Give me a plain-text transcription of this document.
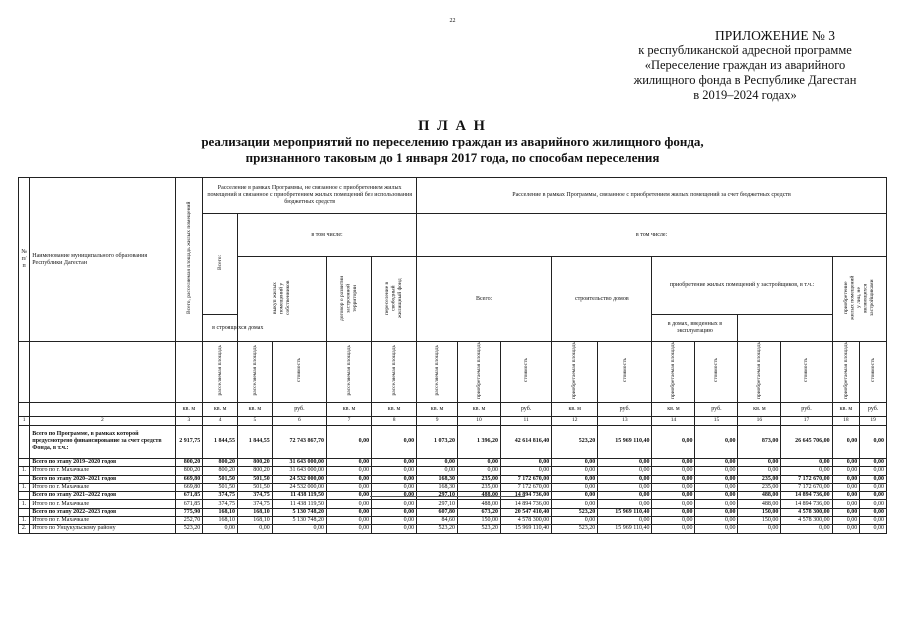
22
ПРИЛОЖЕНИЕ № 3
к республиканской адресной программе
«Переселение граждан из аварийного
жилищного фонда в Республике Дагестан
в 2019–2024 годах»
П Л А Н
реализации мероприятий по переселению граждан из аварийного жилищного фонда,
признанного таковым до 1 января 2017 года, по способам переселения
№ п/п	Наименование муниципального образования Республики Дагестан	Всего, расселяемая площадь жилых помещений	Расселение в рамках Программы, не связанное с приобретением жилых помещений и связанное с приобретением жилых помещений без использования бюджетных средств					Расселение в рамках Программы, связанное с приобретением жилых помещений за счет бюджетных средств										
			Всего:	в том числе:				в том числе:										
				выкуп жилых помещений у собственников		договор о развитии застроенной территории	переселение в свободный жилищный фонд	Всего:			строительство домов		приобретение жилых помещений у застройщиков, в т.ч.:				приобретение жилых помещений у лиц, не являющихся застройщиками	
			в строящихся домах										в домах, введенных в эксплуатацию					
			расселяемая площадь	расселяемая площадь	стоимость	расселяемая площадь	расселяемая площадь	расселяемая площадь	приобретаемая площадь	стоимость	приобретаемая площадь	стоимость	приобретаемая площадь	стоимость	приобретаемая площадь	стоимость	приобретаемая площадь	стоимость
		кв. м	кв. м	кв. м	руб.	кв. м	кв. м	кв. м	кв. м	руб.	кв. м	руб.	кв. м	руб.	кв. м	руб.	кв. м	руб.
1	2	3	4	5	6	7	8	9	10	11	12	13	14	15	16	17	18	19
	Всего по Программе, в рамках которой предусмотрено финансирование за счет средств Фонда, в т.ч.:	2 917,75	1 844,55	1 844,55	72 743 867,70	0,00	0,00	1 073,20	1 396,20	42 614 816,40	523,20	15 969 110,40	0,00	0,00	873,00	26 645 706,00	0,00	0,00
	Всего по этапу 2019–2020 годов	800,20	800,20	800,20	31 643 000,00	0,00	0,00	0,00	0,00	0,00	0,00	0,00	0,00	0,00	0,00	0,00	0,00	0,00
1.	Итого по г. Махачкале	800,20	800,20	800,20	31 643 000,00	0,00	0,00	0,00	0,00	0,00	0,00	0,00	0,00	0,00	0,00	0,00	0,00	0,00
	Всего по этапу 2020–2021 годов	669,80	501,50	501,50	24 532 000,00	0,00	0,00	168,30	235,00	7 172 670,00	0,00	0,00	0,00	0,00	235,00	7 172 670,00	0,00	0,00
1.	Итого по г. Махачкале	669,80	501,50	501,50	24 532 000,00	0,00	0,00	168,30	235,00	7 172 670,00	0,00	0,00	0,00	0,00	235,00	7 172 670,00	0,00	0,00
	Всего по этапу 2021–2022 годов	671,85	374,75	374,75	11 438 119,50	0,00	0,00	297,10	488,00	14 894 736,00	0,00	0,00	0,00	0,00	488,00	14 894 736,00	0,00	0,00
1.	Итого по г. Махачкале	671,85	374,75	374,75	11 438 119,50	0,00	0,00	297,10	488,00	14 894 736,00	0,00	0,00	0,00	0,00	488,00	14 894 736,00	0,00	0,00
	Всего по этапу 2022–2023 годов	775,90	168,10	168,10	5 130 748,20	0,00	0,00	607,80	673,20	20 547 410,40	523,20	15 969 110,40	0,00	0,00	150,00	4 578 300,00	0,00	0,00
1.	Итого по г. Махачкале	252,70	168,10	168,10	5 130 748,20	0,00	0,00	84,60	150,00	4 578 300,00	0,00	0,00	0,00	0,00	150,00	4 578 300,00	0,00	0,00
2.	Итого по Унцукульскому району	523,20	0,00	0,00	0,00	0,00	0,00	523,20	523,20	15 969 110,40	523,20	15 969 110,40	0,00	0,00	0,00	0,00	0,00	0,00
